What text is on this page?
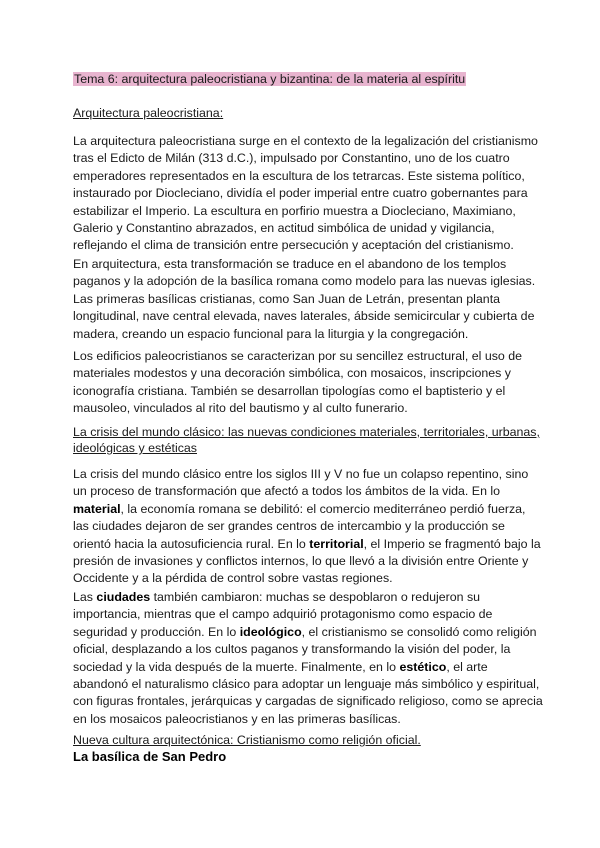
Tema 6: arquitectura paleocristiana y bizantina: de la materia al espíritu
Arquitectura paleocristiana:
La arquitectura paleocristiana surge en el contexto de la legalización del cristianismo tras el Edicto de Milán (313 d.C.), impulsado por Constantino, uno de los cuatro emperadores representados en la escultura de los tetrarcas. Este sistema político, instaurado por Diocleciano, dividía el poder imperial entre cuatro gobernantes para estabilizar el Imperio. La escultura en porfirio muestra a Diocleciano, Maximiano, Galerio y Constantino abrazados, en actitud simbólica de unidad y vigilancia, reflejando el clima de transición entre persecución y aceptación del cristianismo.
En arquitectura, esta transformación se traduce en el abandono de los templos paganos y la adopción de la basílica romana como modelo para las nuevas iglesias. Las primeras basílicas cristianas, como San Juan de Letrán, presentan planta longitudinal, nave central elevada, naves laterales, ábside semicircular y cubierta de madera, creando un espacio funcional para la liturgia y la congregación.
Los edificios paleocristianos se caracterizan por su sencillez estructural, el uso de materiales modestos y una decoración simbólica, con mosaicos, inscripciones y iconografía cristiana. También se desarrollan tipologías como el baptisterio y el mausoleo, vinculados al rito del bautismo y al culto funerario.
La crisis del mundo clásico: las nuevas condiciones materiales, territoriales, urbanas, ideológicas y estéticas
La crisis del mundo clásico entre los siglos III y V no fue un colapso repentino, sino un proceso de transformación que afectó a todos los ámbitos de la vida. En lo material, la economía romana se debilitó: el comercio mediterráneo perdió fuerza, las ciudades dejaron de ser grandes centros de intercambio y la producción se orientó hacia la autosuficiencia rural. En lo territorial, el Imperio se fragmentó bajo la presión de invasiones y conflictos internos, lo que llevó a la división entre Oriente y Occidente y a la pérdida de control sobre vastas regiones.
Las ciudades también cambiaron: muchas se despoblaron o redujeron su importancia, mientras que el campo adquirió protagonismo como espacio de seguridad y producción. En lo ideológico, el cristianismo se consolidó como religión oficial, desplazando a los cultos paganos y transformando la visión del poder, la sociedad y la vida después de la muerte. Finalmente, en lo estético, el arte abandonó el naturalismo clásico para adoptar un lenguaje más simbólico y espiritual, con figuras frontales, jerárquicas y cargadas de significado religioso, como se aprecia en los mosaicos paleocristianos y en las primeras basílicas.
Nueva cultura arquitectónica: Cristianismo como religión oficial.
La basílica de San Pedro
